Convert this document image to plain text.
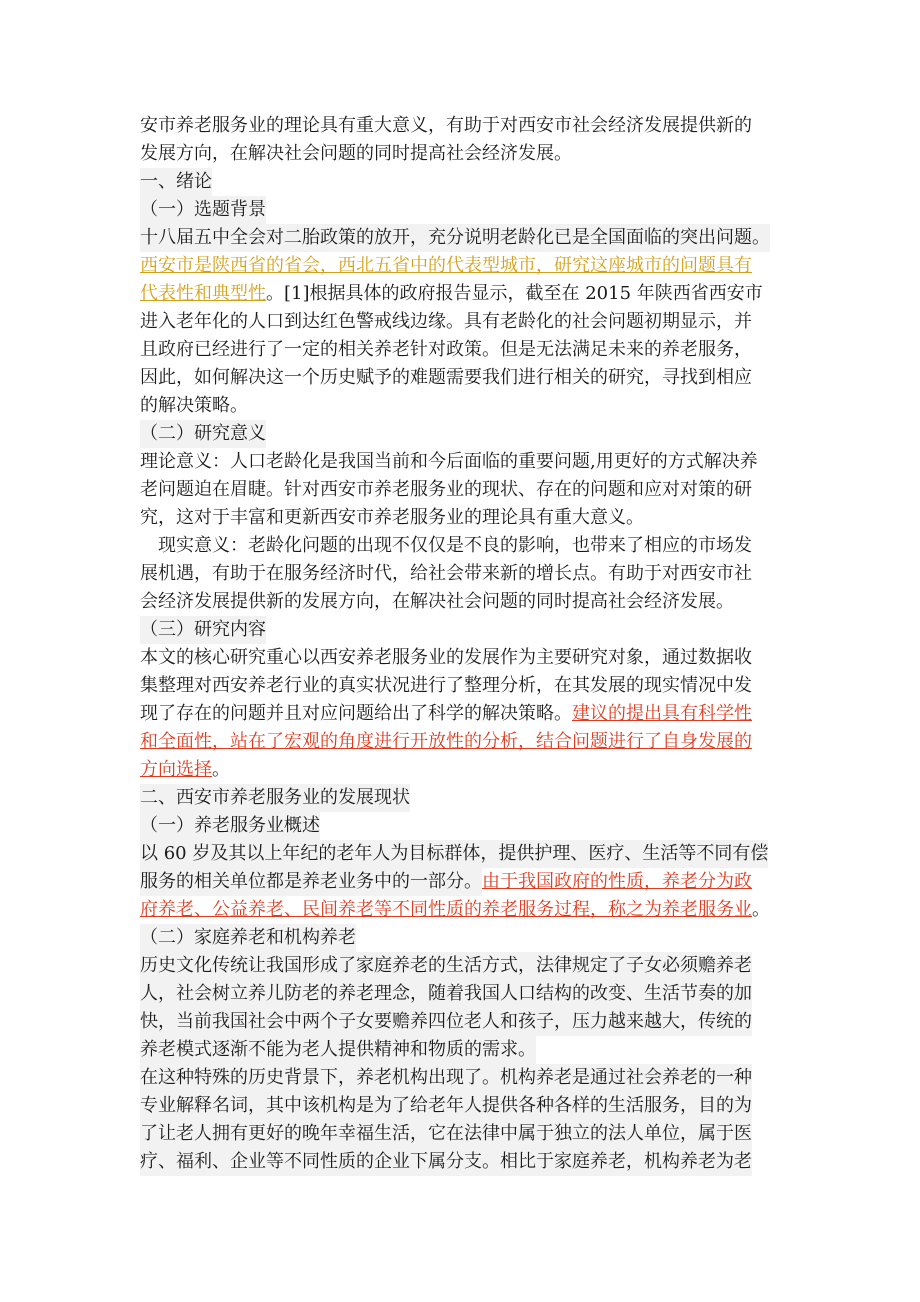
安市养老服务业的理论具有重大意义，有助于对西安市社会经济发展提供新的
发展方向，在解决社会问题的同时提高社会经济发展。
一、绪论
（一）选题背景
十八届五中全会对二胎政策的放开，充分说明老龄化已是全国面临的突出问题。
西安市是陕西省的省会，西北五省中的代表型城市，研究这座城市的问题具有
代表性和典型性。[1]根据具体的政府报告显示，截至在 2015 年陕西省西安市
进入老年化的人口到达红色警戒线边缘。具有老龄化的社会问题初期显示，并
且政府已经进行了一定的相关养老针对政策。但是无法满足未来的养老服务，
因此，如何解决这一个历史赋予的难题需要我们进行相关的研究，寻找到相应
的解决策略。
（二）研究意义
理论意义：人口老龄化是我国当前和今后面临的重要问题,用更好的方式解决养
老问题迫在眉睫。针对西安市养老服务业的现状、存在的问题和应对对策的研
究，这对于丰富和更新西安市养老服务业的理论具有重大意义。
现实意义：老龄化问题的出现不仅仅是不良的影响，也带来了相应的市场发
展机遇，有助于在服务经济时代，给社会带来新的增长点。有助于对西安市社
会经济发展提供新的发展方向，在解决社会问题的同时提高社会经济发展。
（三）研究内容
本文的核心研究重心以西安养老服务业的发展作为主要研究对象，通过数据收
集整理对西安养老行业的真实状况进行了整理分析，在其发展的现实情况中发
现了存在的问题并且对应问题给出了科学的解决策略。建议的提出具有科学性
和全面性，站在了宏观的角度进行开放性的分析，结合问题进行了自身发展的
方向选择。
二、西安市养老服务业的发展现状
（一）养老服务业概述
以 60 岁及其以上年纪的老年人为目标群体，提供护理、医疗、生活等不同有偿
服务的相关单位都是养老业务中的一部分。由于我国政府的性质，养老分为政
府养老、公益养老、民间养老等不同性质的养老服务过程，称之为养老服务业。
（二）家庭养老和机构养老
历史文化传统让我国形成了家庭养老的生活方式，法律规定了子女必须赡养老
人，社会树立养儿防老的养老理念，随着我国人口结构的改变、生活节奏的加
快，当前我国社会中两个子女要赡养四位老人和孩子，压力越来越大，传统的
养老模式逐渐不能为老人提供精神和物质的需求。
在这种特殊的历史背景下，养老机构出现了。机构养老是通过社会养老的一种
专业解释名词，其中该机构是为了给老年人提供各种各样的生活服务，目的为
了让老人拥有更好的晚年幸福生活，它在法律中属于独立的法人单位，属于医
疗、福利、企业等不同性质的企业下属分支。相比于家庭养老，机构养老为老
